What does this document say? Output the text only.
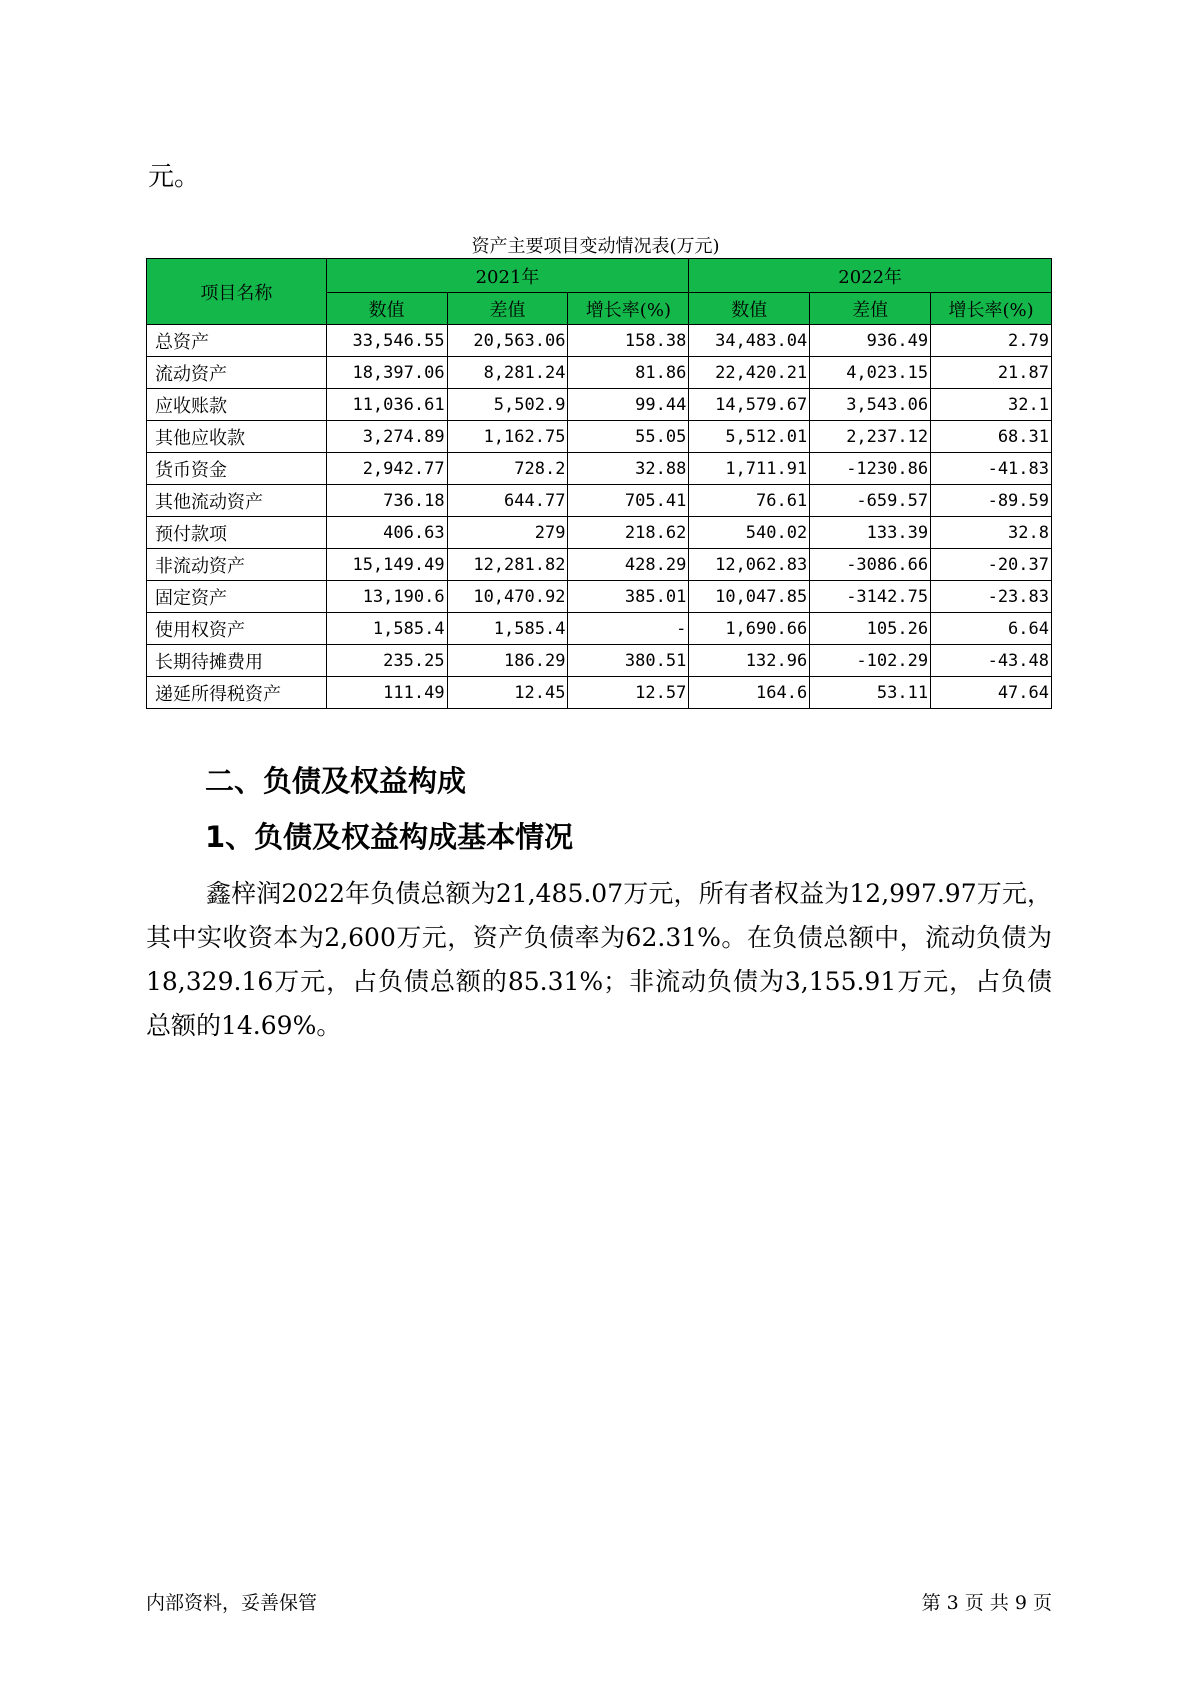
元。
资产主要项目变动情况表(万元)
项目名称	2021年			2022年		
	数值	差值	增长率(%)	数值	差值	增长率(%)
总资产	33,546.55	20,563.06	158.38	34,483.04	936.49	2.79
流动资产	18,397.06	8,281.24	81.86	22,420.21	4,023.15	21.87
应收账款	11,036.61	5,502.9	99.44	14,579.67	3,543.06	32.1
其他应收款	3,274.89	1,162.75	55.05	5,512.01	2,237.12	68.31
货币资金	2,942.77	728.2	32.88	1,711.91	-1230.86	-41.83
其他流动资产	736.18	644.77	705.41	76.61	-659.57	-89.59
预付款项	406.63	279	218.62	540.02	133.39	32.8
非流动资产	15,149.49	12,281.82	428.29	12,062.83	-3086.66	-20.37
固定资产	13,190.6	10,470.92	385.01	10,047.85	-3142.75	-23.83
使用权资产	1,585.4	1,585.4	-	1,690.66	105.26	6.64
长期待摊费用	235.25	186.29	380.51	132.96	-102.29	-43.48
递延所得税资产	111.49	12.45	12.57	164.6	53.11	47.64
二、负债及权益构成
1、负债及权益构成基本情况
鑫梓润2022年负债总额为21,485.07万元，所有者权益为12,997.97万元，其中实收资本为2,600万元，资产负债率为62.31%。在负债总额中，流动负债为18,329.16万元，占负债总额的85.31%；非流动负债为3,155.91万元，占负债总额的14.69%。
内部资料，妥善保管	第 3 页 共 9 页
